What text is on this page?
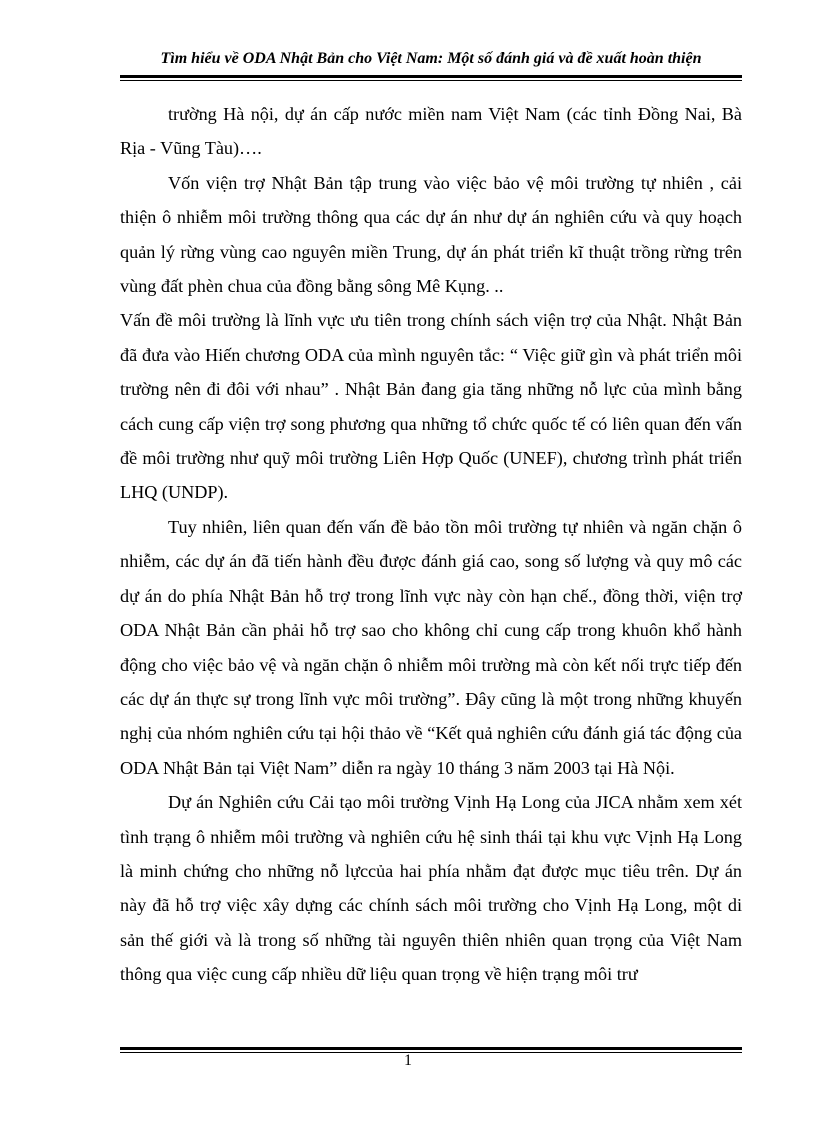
Tìm hiểu về ODA Nhật Bản cho Việt Nam: Một số đánh giá và đề xuất hoàn thiện

trường Hà nội, dự án cấp nước miền nam Việt Nam (các tỉnh Đồng Nai, Bà Rịa - Vũng Tàu)….

Vốn viện trợ Nhật Bản tập trung vào việc bảo vệ môi trường tự nhiên , cải thiện ô nhiễm môi trường thông qua các dự án như dự án nghiên cứu và quy hoạch quản lý rừng vùng cao nguyên miền Trung, dự án phát triển kĩ thuật trồng rừng trên vùng đất phèn chua của đồng bằng sông Mê Kụng. ..

Vấn đề môi trường là lĩnh vực ưu tiên trong chính sách viện trợ của Nhật. Nhật Bản đã đưa vào Hiến chương ODA của mình nguyên tắc: “ Việc giữ gìn và phát triển môi trường nên đi đôi với nhau” . Nhật Bản đang gia tăng những nỗ lực của mình bằng cách cung cấp viện trợ song phương qua những tổ chức quốc tế có liên quan đến vấn đề môi trường như quỹ môi trường Liên Hợp Quốc (UNEF), chương trình phát triển LHQ (UNDP).

Tuy nhiên, liên quan đến vấn đề bảo tồn môi trường tự nhiên và ngăn chặn ô nhiễm, các dự án đã tiến hành đều được đánh giá cao, song số lượng và quy mô các dự án do phía Nhật Bản hỗ trợ trong lĩnh vực này còn hạn chế., đồng thời, viện trợ ODA Nhật Bản cần phải hỗ trợ sao cho không chỉ cung cấp trong khuôn khổ hành động cho việc bảo vệ và ngăn chặn ô nhiễm môi trường mà còn kết nối trực tiếp đến các dự án thực sự trong lĩnh vực môi trường”. Đây cũng là một trong những khuyến nghị của nhóm nghiên cứu tại hội thảo về “Kết quả nghiên cứu đánh giá tác động của ODA Nhật Bản tại Việt Nam” diễn ra ngày 10 tháng 3 năm 2003 tại Hà Nội.

Dự án Nghiên cứu Cải tạo môi trường Vịnh Hạ Long của JICA nhằm xem xét tình trạng ô nhiễm môi trường và nghiên cứu hệ sinh thái tại khu vực Vịnh Hạ Long là minh chứng cho những nỗ lựccủa hai phía nhằm đạt được mục tiêu trên. Dự án này đã hỗ trợ việc xây dựng các chính sách môi trường cho Vịnh Hạ Long, một di sản thế giới và là trong số những tài nguyên thiên nhiên quan trọng của Việt Nam thông qua việc cung cấp nhiều dữ liệu quan trọng về hiện trạng môi trư

1
